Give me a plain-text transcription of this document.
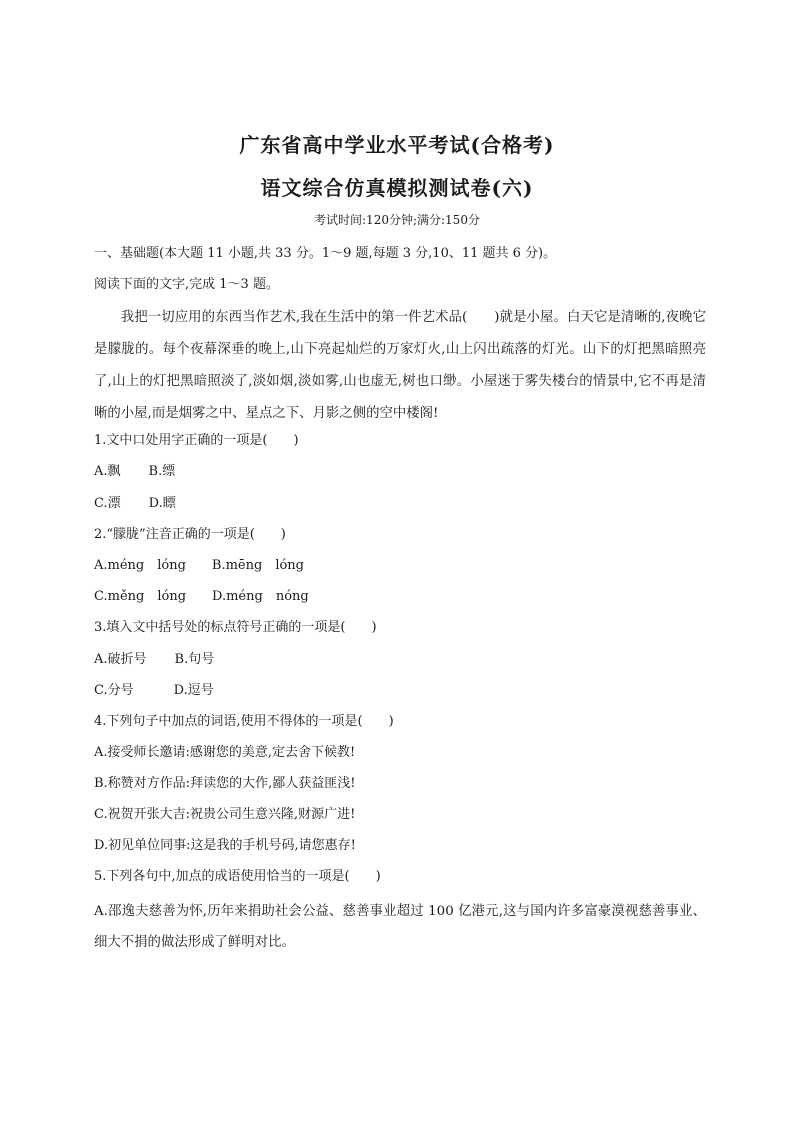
广东省高中学业水平考试(合格考)
语文综合仿真模拟测试卷(六)
考试时间:120分钟;满分:150分
一、基础题(本大题 11 小题,共 33 分。1～9 题,每题 3 分,10、11 题共 6 分)。
阅读下面的文字,完成 1～3 题。
我把一切应用的东西当作艺术,我在生活中的第一件艺术品(　　)就是小屋。白天它是清晰的,夜晚它是朦胧的。每个夜幕深垂的晚上,山下亮起灿烂的万家灯火,山上闪出疏落的灯光。山下的灯把黑暗照亮了,山上的灯把黑暗照淡了,淡如烟,淡如雾,山也虚无,树也口缈。小屋迷于雾失楼台的情景中,它不再是清晰的小屋,而是烟雾之中、星点之下、月影之侧的空中楼阁!
1.文中口处用字正确的一项是(　　)
A.飘 B.缥
C.漂 D.瞟
2.“朦胧”注音正确的一项是(　　)
A.méng　lóng B.mēng　lóng
C.měng　lóng D.méng　nóng
3.填入文中括号处的标点符号正确的一项是(　　)
A.破折号 B.句号
C.分号	D.逗号
4.下列句子中加点的词语,使用不得体的一项是(　　)
A.接受师长邀请:感谢您的美意,定去舍下候教!
B.称赞对方作品:拜读您的大作,鄙人获益匪浅!
C.祝贺开张大吉:祝贵公司生意兴隆,财源广进!
D.初见单位同事:这是我的手机号码,请您惠存!
5.下列各句中,加点的成语使用恰当的一项是(　　)
A.邵逸夫慈善为怀,历年来捐助社会公益、慈善事业超过 100 亿港元,这与国内许多富豪漠视慈善事业、细大不捐的做法形成了鲜明对比。
